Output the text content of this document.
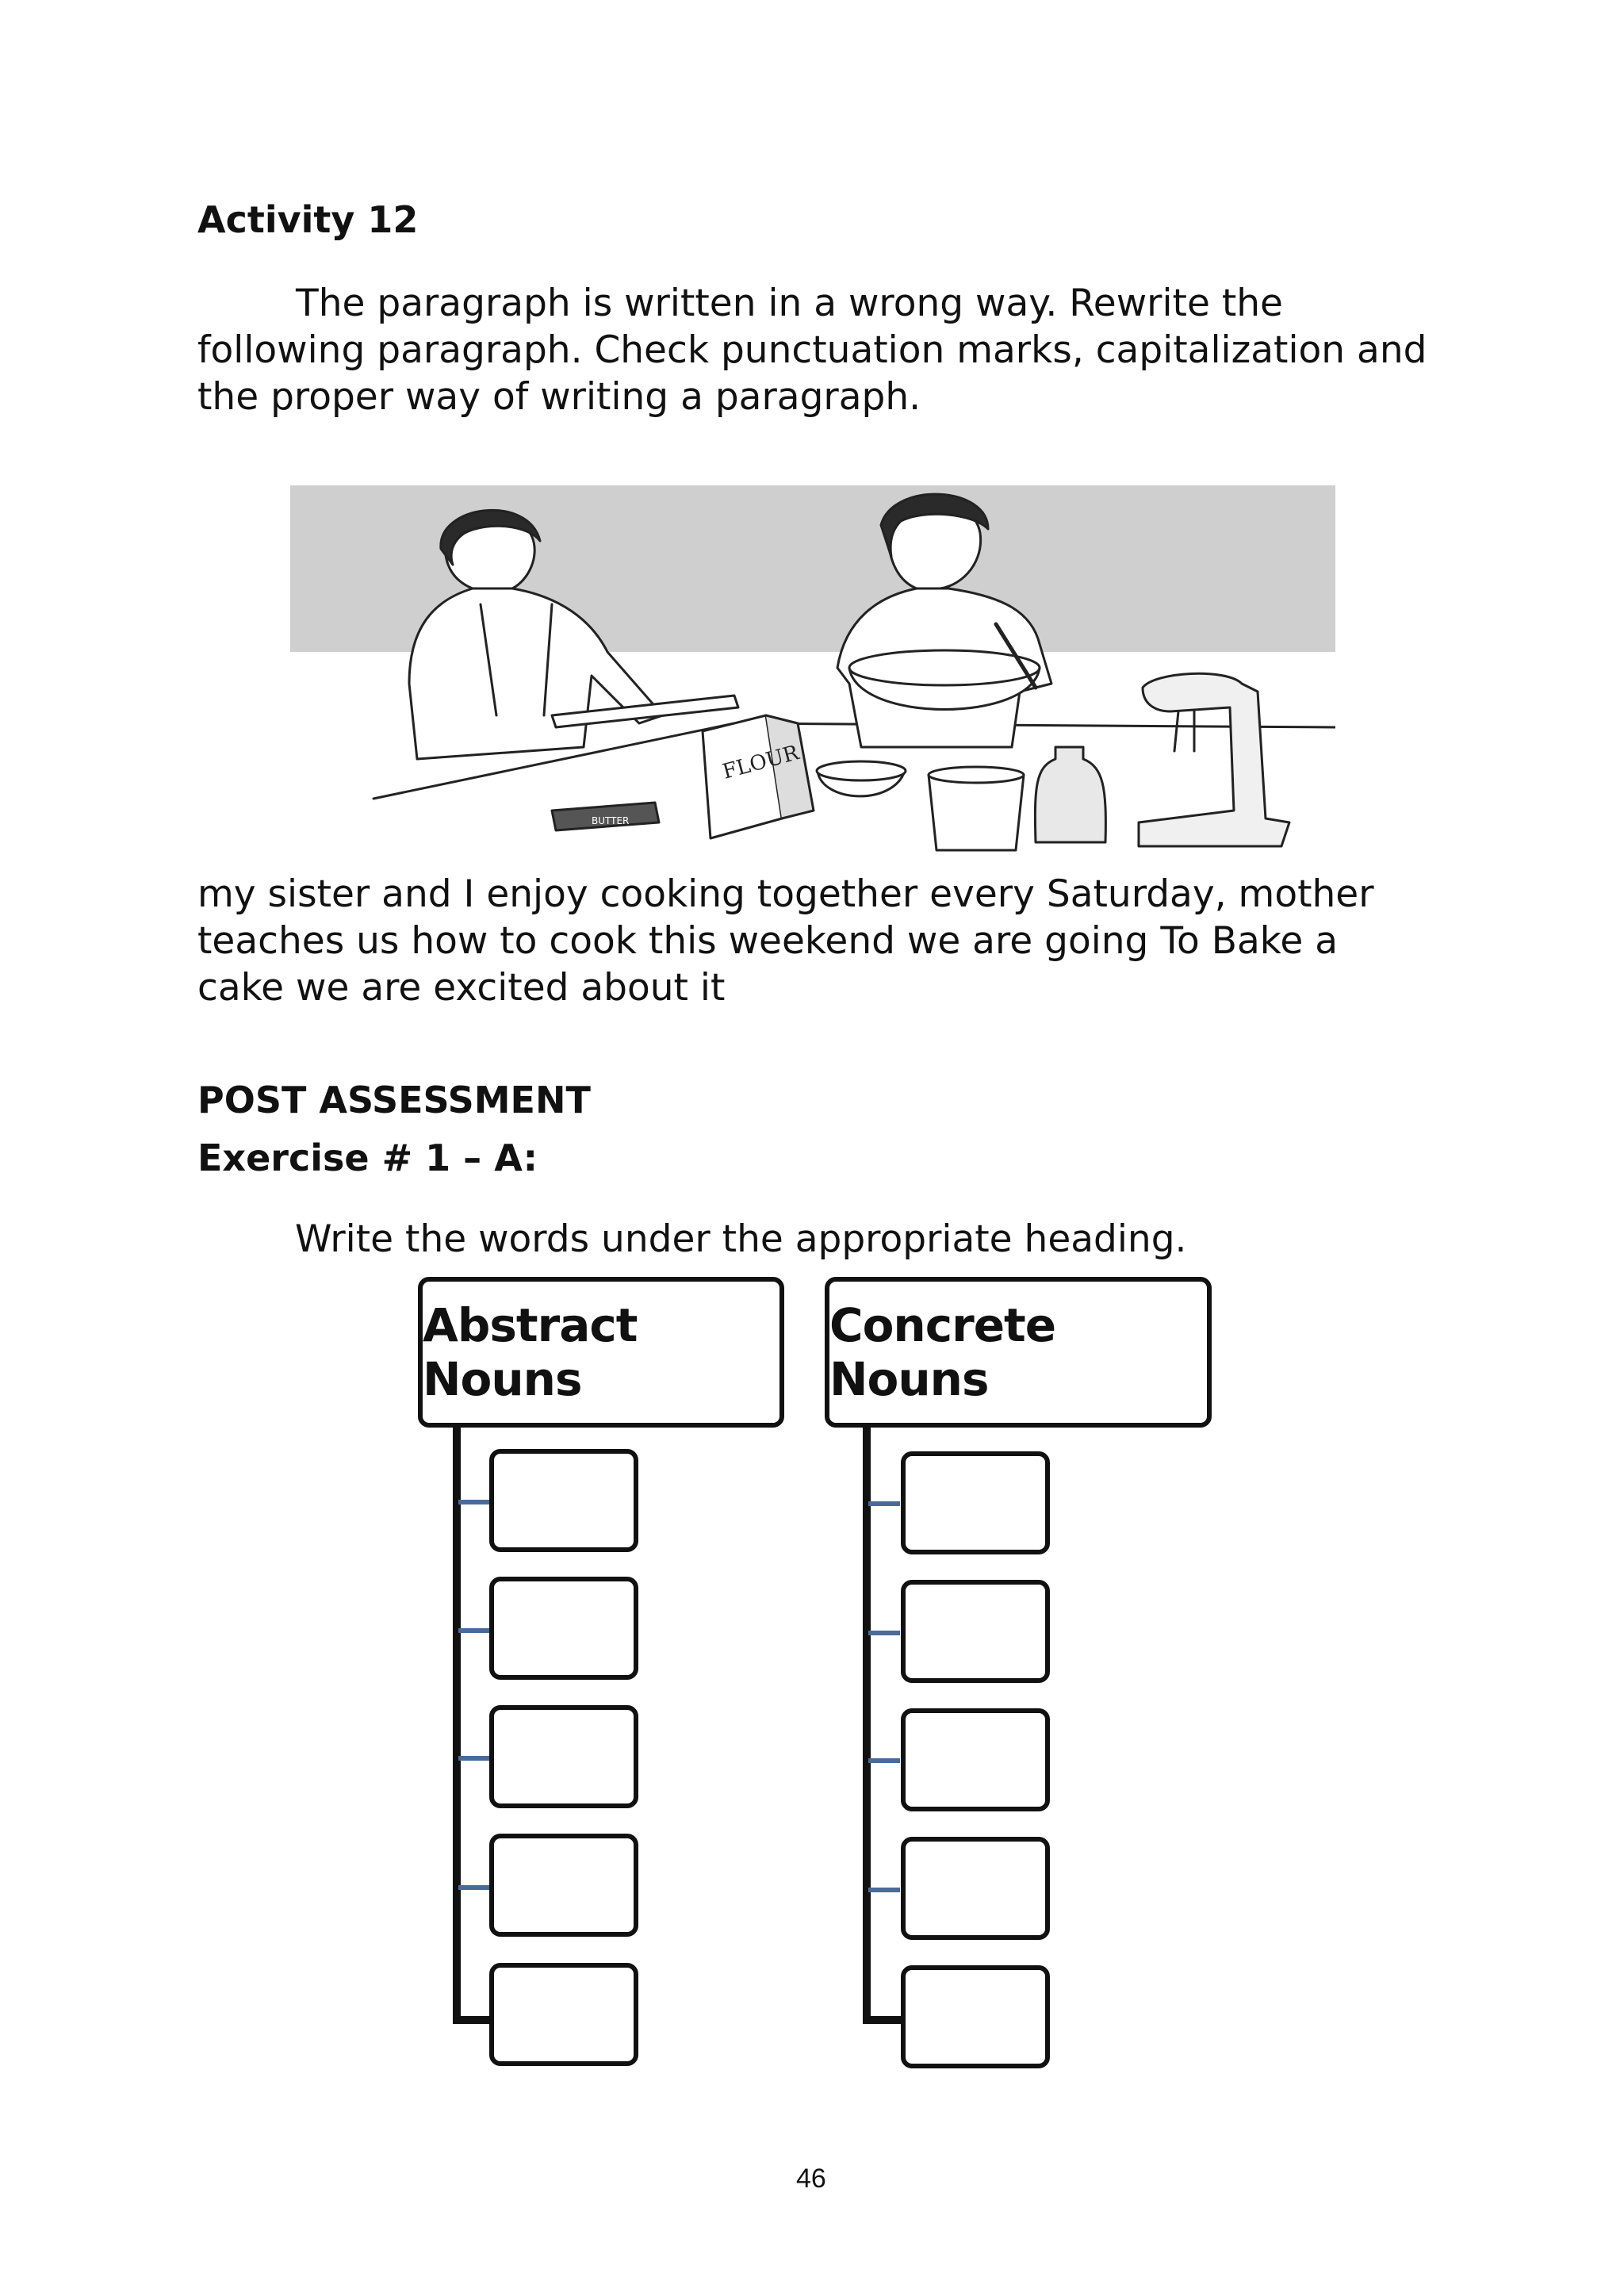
Activity 12
The paragraph is written in a wrong way. Rewrite the following paragraph. Check punctuation marks, capitalization and the proper way of writing a paragraph.
FLOUR
BUTTER
my sister and I enjoy cooking together every Saturday, mother teaches us how to cook this weekend we are going To Bake a cake we are excited about it
POST ASSESSMENT
Exercise # 1 – A:
Write the words under the appropriate heading.
Abstract Nouns
Concrete Nouns
46
